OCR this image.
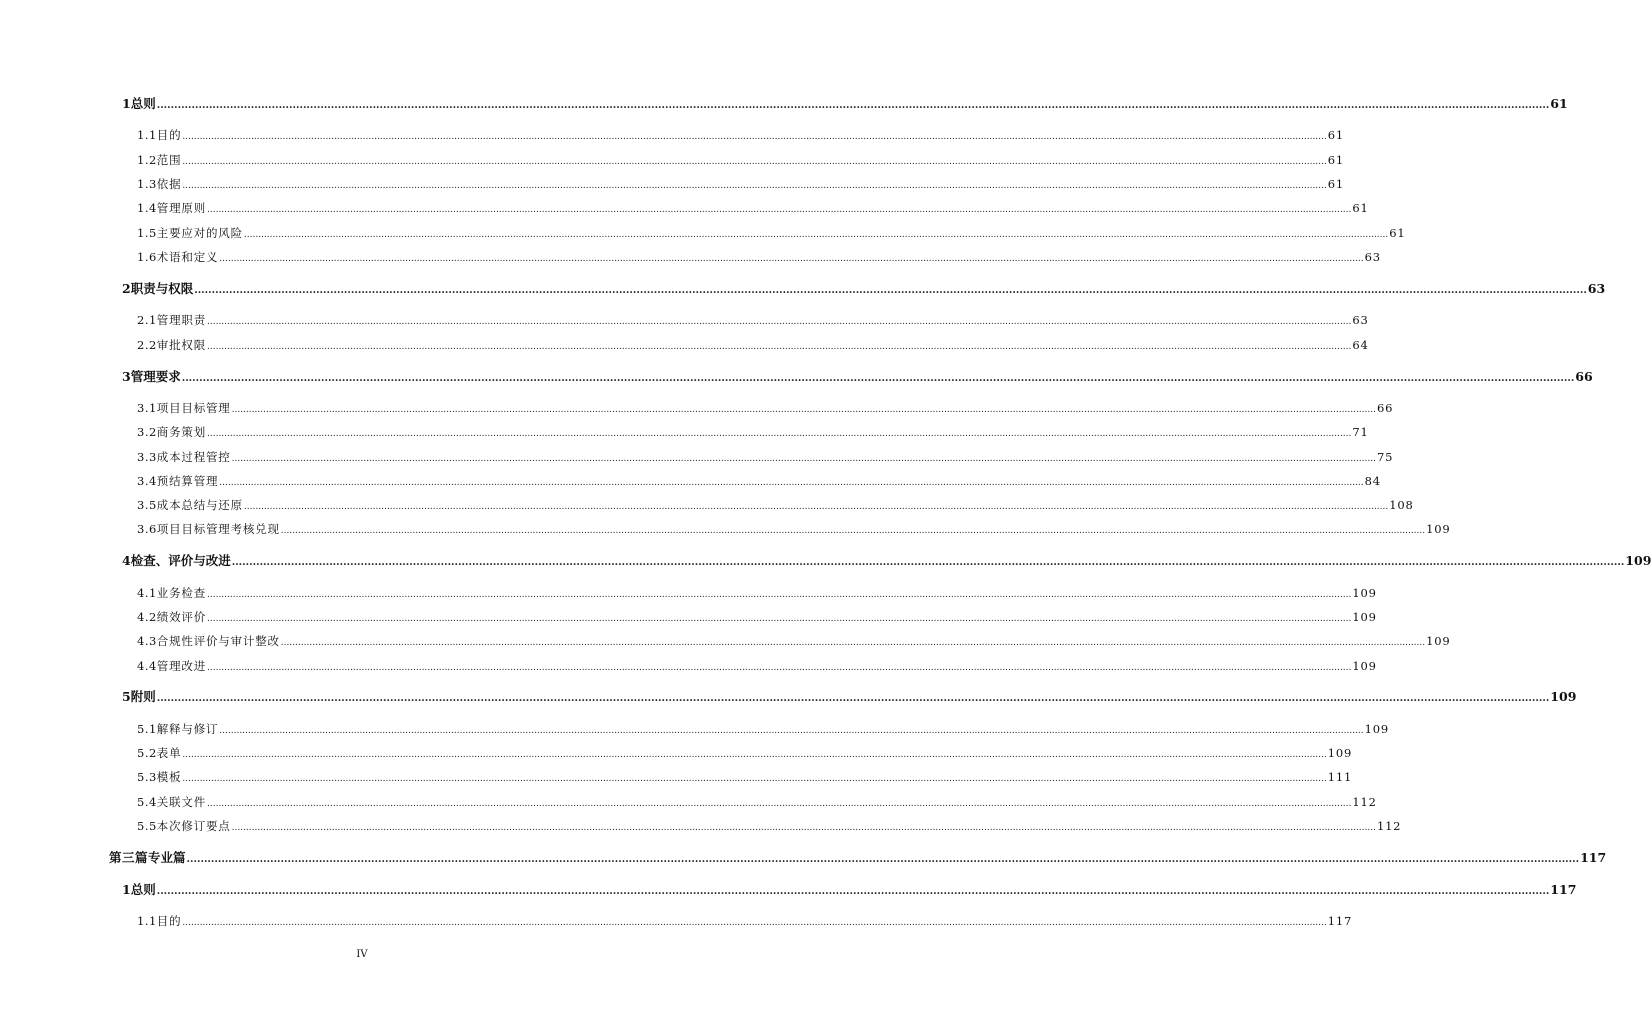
1 总则 ................................................................................................................................................................................................................................................................................................................................................................................................................ 61
1.1 目的 ................................................................................................................................................................................................................................................................................................................................................................................................................ 61
1.2 范围 ................................................................................................................................................................................................................................................................................................................................................................................................................ 61
1.3 依据 ................................................................................................................................................................................................................................................................................................................................................................................................................ 61
1.4 管理原则 ................................................................................................................................................................................................................................................................................................................................................................................................................ 61
1.5 主要应对的风险 ................................................................................................................................................................................................................................................................................................................................................................................................................ 61
1.6 术语和定义 ................................................................................................................................................................................................................................................................................................................................................................................................................ 63
2 职责与权限 ................................................................................................................................................................................................................................................................................................................................................................................................................ 63
2.1 管理职责 ................................................................................................................................................................................................................................................................................................................................................................................................................ 63
2.2 审批权限 ................................................................................................................................................................................................................................................................................................................................................................................................................ 64
3 管理要求 ................................................................................................................................................................................................................................................................................................................................................................................................................ 66
3.1 项目目标管理 ................................................................................................................................................................................................................................................................................................................................................................................................................ 66
3.2 商务策划 ................................................................................................................................................................................................................................................................................................................................................................................................................ 71
3.3 成本过程管控 ................................................................................................................................................................................................................................................................................................................................................................................................................ 75
3.4 预结算管理 ................................................................................................................................................................................................................................................................................................................................................................................................................ 84
3.5 成本总结与还原 ................................................................................................................................................................................................................................................................................................................................................................................................................ 108
3.6 项目目标管理考核兑现 ................................................................................................................................................................................................................................................................................................................................................................................................................ 109
4 检查、评价与改进 ................................................................................................................................................................................................................................................................................................................................................................................................................ 109
4.1 业务检查 ................................................................................................................................................................................................................................................................................................................................................................................................................ 109
4.2 绩效评价 ................................................................................................................................................................................................................................................................................................................................................................................................................ 109
4.3 合规性评价与审计整改 ................................................................................................................................................................................................................................................................................................................................................................................................................ 109
4.4 管理改进 ................................................................................................................................................................................................................................................................................................................................................................................................................ 109
5 附则 ................................................................................................................................................................................................................................................................................................................................................................................................................ 109
5.1 解释与修订 ................................................................................................................................................................................................................................................................................................................................................................................................................ 109
5.2 表单 ................................................................................................................................................................................................................................................................................................................................................................................................................ 109
5.3 模板 ................................................................................................................................................................................................................................................................................................................................................................................................................ 111
5.4 关联文件 ................................................................................................................................................................................................................................................................................................................................................................................................................ 112
5.5 本次修订要点 ................................................................................................................................................................................................................................................................................................................................................................................................................ 112
第三篇 专业篇 ................................................................................................................................................................................................................................................................................................................................................................................................................ 117
1 总则 ................................................................................................................................................................................................................................................................................................................................................................................................................ 117
1.1 目的 ................................................................................................................................................................................................................................................................................................................................................................................................................ 117
IV
